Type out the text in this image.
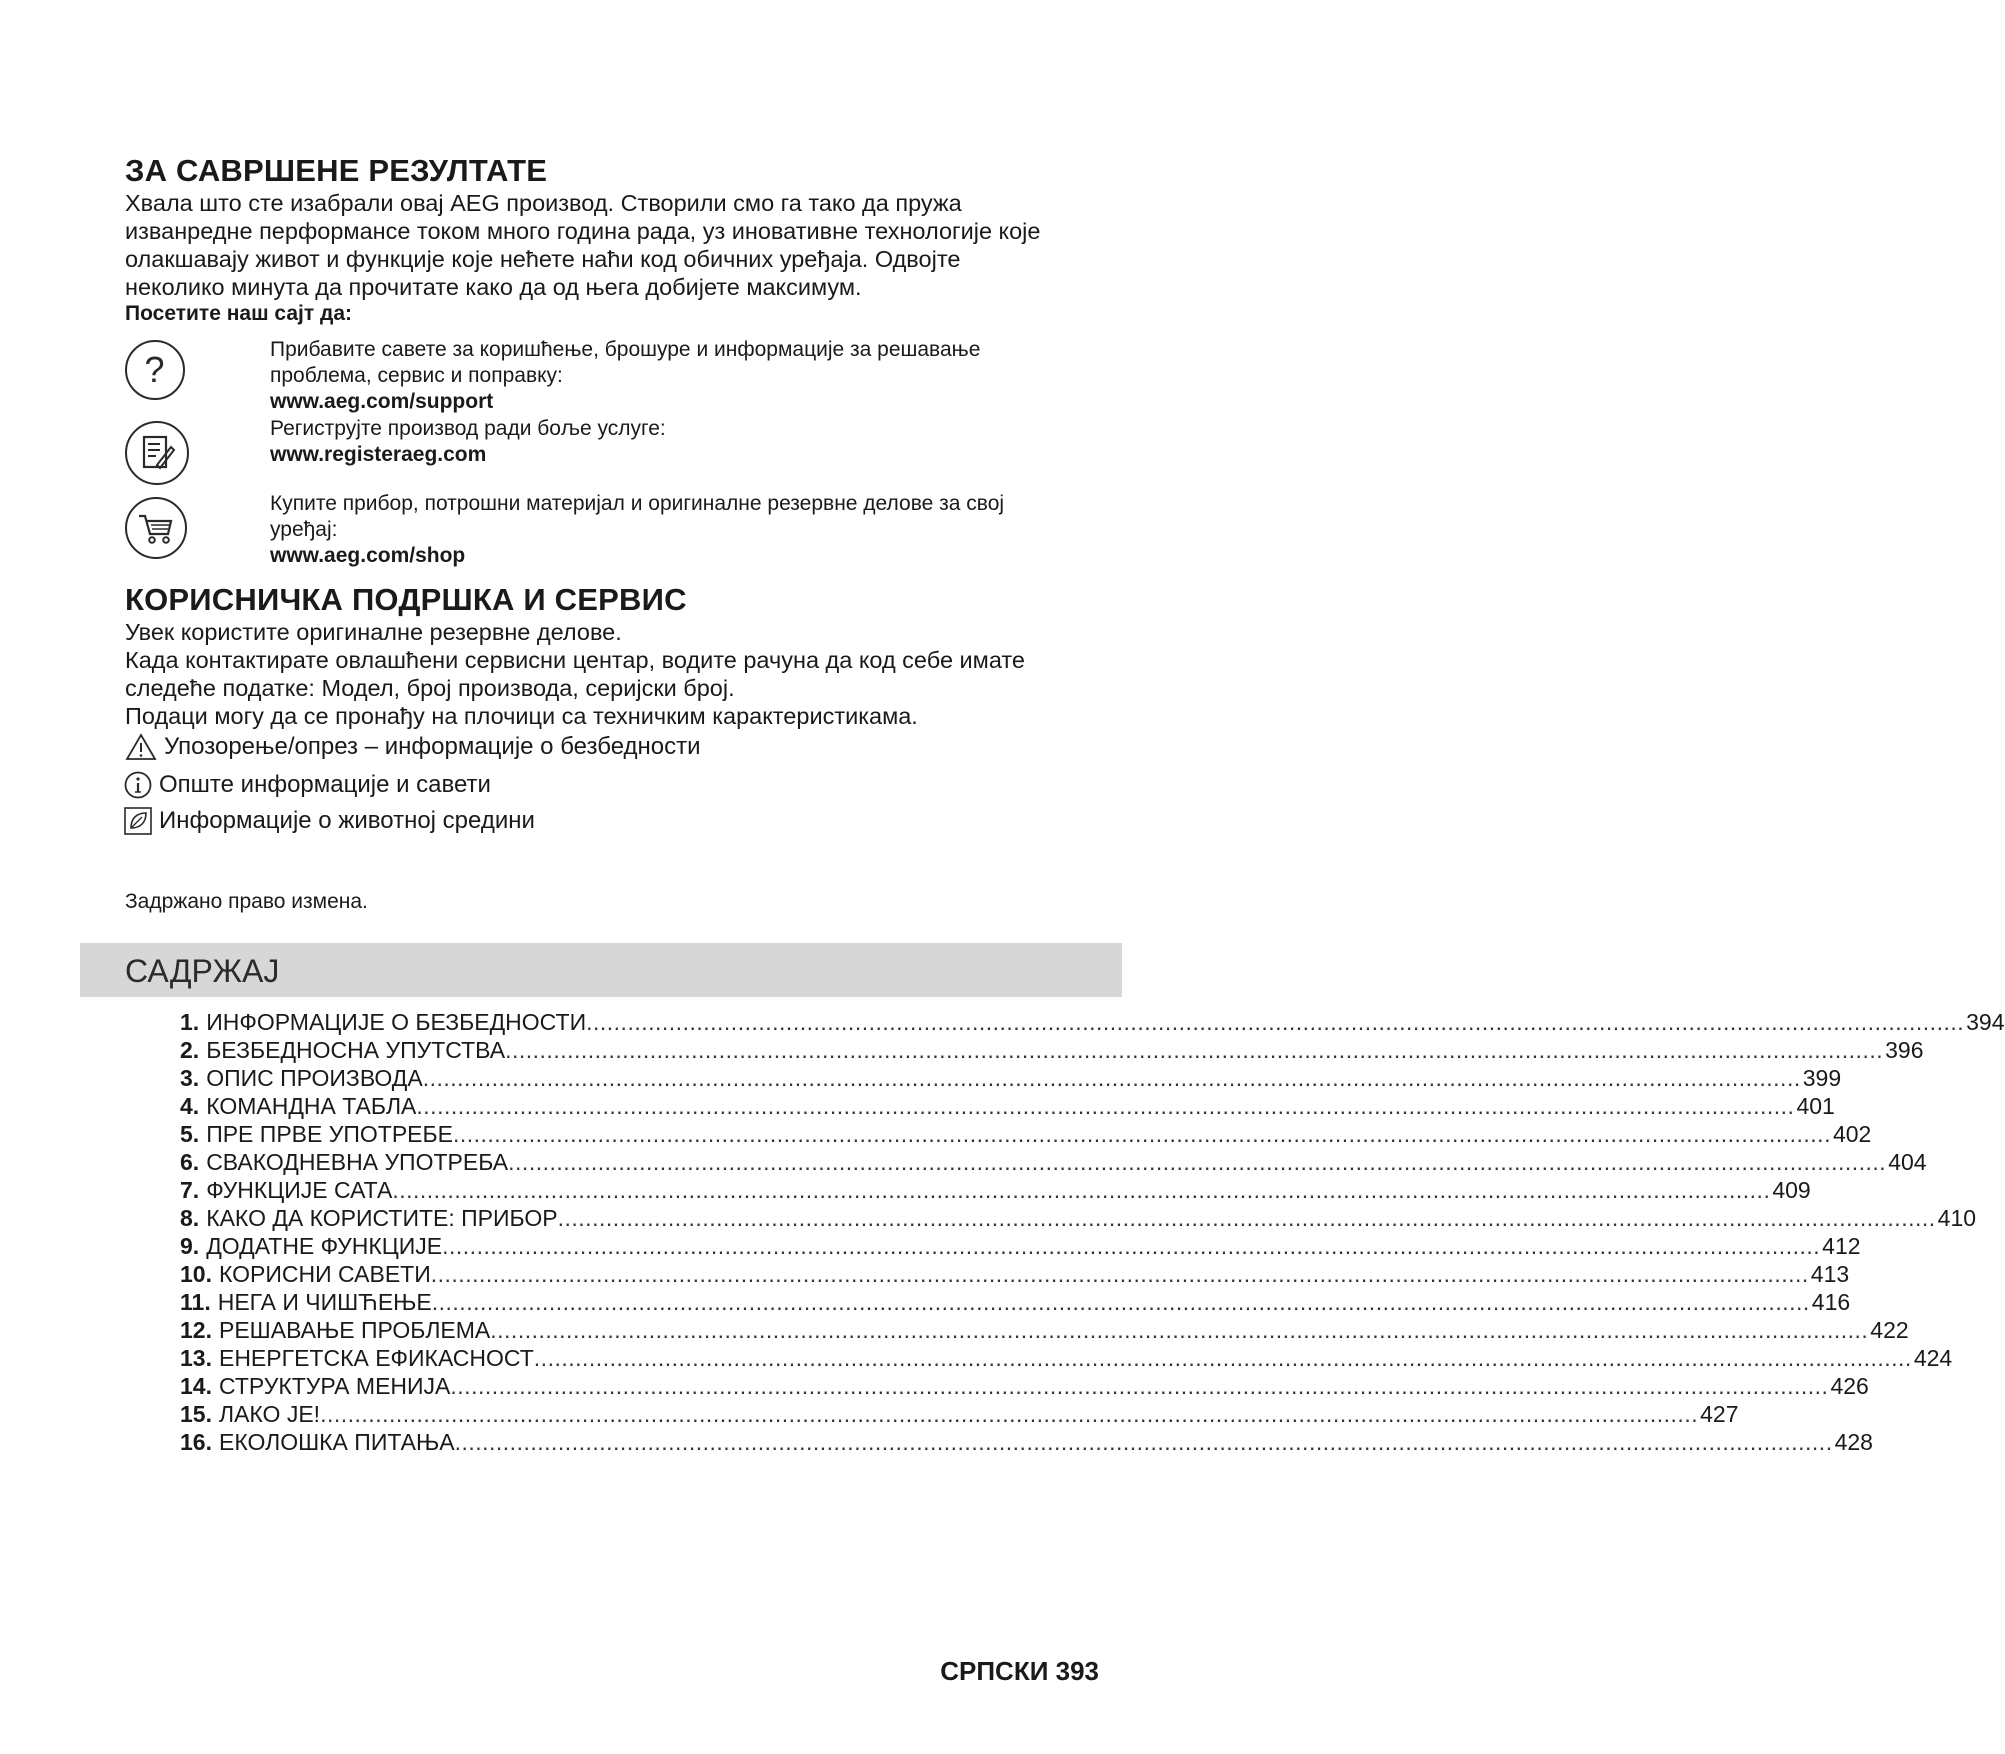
ЗА САВРШЕНЕ РЕЗУЛТАТЕ
Хвала што сте изабрали овај AEG производ. Створили смо га тако да пружа
изванредне перформансе током много година рада, уз иновативне технологије које
олакшавају живот и функције које нећете наћи код обичних уређаја. Одвојте
неколико минута да прочитате како да од њега добијете максимум.
Посетите наш сајт да:
?	Прибавите савете за коришћење, брошуре и информације за решавање
проблема, сервис и поправку:
www.aeg.com/support
Региструјте производ ради боље услуге:
www.registeraeg.com
Купите прибор, потрошни материјал и оригиналне резервне делове за свој
уређај:
www.aeg.com/shop
КОРИСНИЧКА ПОДРШКА И СЕРВИС
Увек користите оригиналне резервне делове.
Када контактирате овлашћени сервисни центар, водите рачуна да код себе имате
следеће податке: Модел, број производа, серијски број.
Подаци могу да се пронађу на плочици са техничким карактеристикама.
Упозорење/опрез – информације о безбедности
Опште информације и савети
Информације о животној средини
Задржано право измена.
САДРЖАЈ
1. ИНФОРМАЦИЈЕ О БЕЗБЕДНОСТИ ........................................................................................................................................................................................................ 394
2. БЕЗБЕДНОСНА УПУТСТВА ........................................................................................................................................................................................................ 396
3. ОПИС ПРОИЗВОДА ........................................................................................................................................................................................................ 399
4. КОМАНДНА ТАБЛА ........................................................................................................................................................................................................ 401
5. ПРЕ ПРВЕ УПОТРЕБЕ ........................................................................................................................................................................................................ 402
6. СВАКОДНЕВНА УПОТРЕБА ........................................................................................................................................................................................................ 404
7. ФУНКЦИЈЕ САТА ........................................................................................................................................................................................................ 409
8. КАКО ДА КОРИСТИТЕ: ПРИБОР ........................................................................................................................................................................................................ 410
9. ДОДАТНЕ ФУНКЦИЈЕ ........................................................................................................................................................................................................ 412
10. КОРИСНИ САВЕТИ ........................................................................................................................................................................................................ 413
11. НЕГА И ЧИШЋЕЊЕ ........................................................................................................................................................................................................ 416
12. РЕШАВАЊЕ ПРОБЛЕМА ........................................................................................................................................................................................................ 422
13. ЕНЕРГЕТСКА ЕФИКАСНОСТ ........................................................................................................................................................................................................ 424
14. СТРУКТУРА МЕНИЈА ........................................................................................................................................................................................................ 426
15. ЛАКО ЈЕ! ........................................................................................................................................................................................................ 427
16. ЕКОЛОШКА ПИТАЊА ........................................................................................................................................................................................................ 428
СРПСКИ 393
